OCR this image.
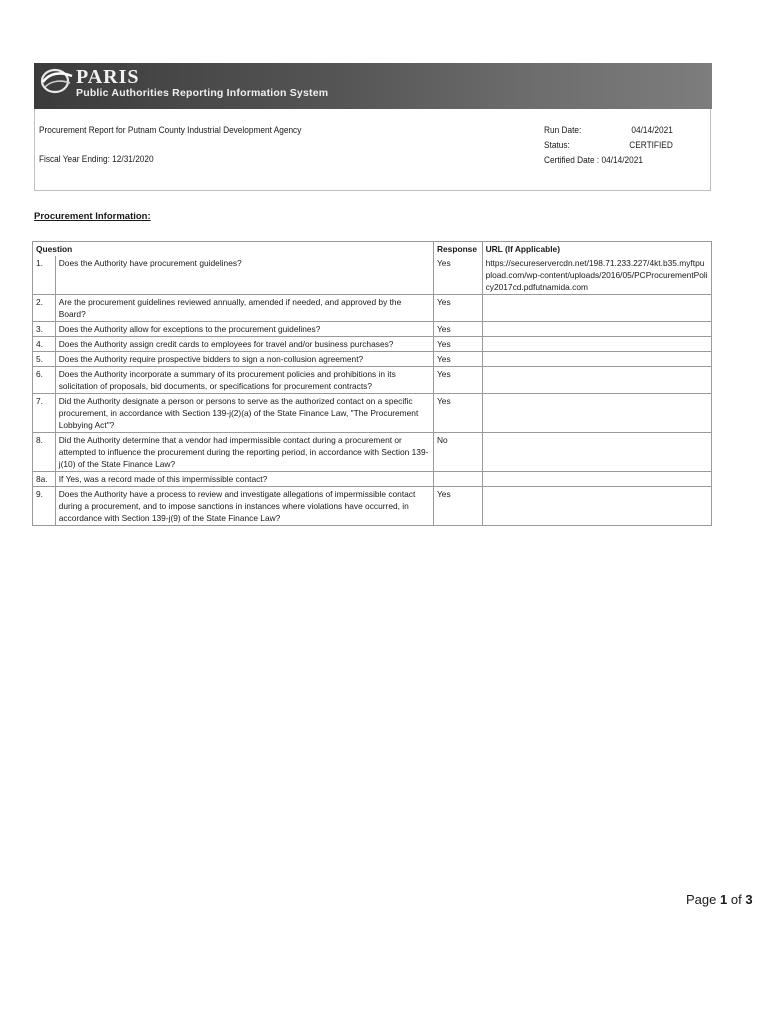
PARIS
Public Authorities Reporting Information System
Procurement Report for Putnam County Industrial Development Agency
Fiscal Year Ending: 12/31/2020
Run Date:	04/14/2021
Status:	CERTIFIED
Certified Date : 04/14/2021
Procurement Information:
Question		Response	URL (If Applicable)
1.	Does the Authority have procurement guidelines?	Yes	https://secureservercdn.net/198.71.233.227/4kt.b35.myftpupload.com/wp-content/uploads/2016/05/PCProcurementPolicy2017cd.pdfutnamida.com
2.	Are the procurement guidelines reviewed annually, amended if needed, and approved by the Board?	Yes	
3.	Does the Authority allow for exceptions to the procurement guidelines?	Yes	
4.	Does the Authority assign credit cards to employees for travel and/or business purchases?	Yes	
5.	Does the Authority require prospective bidders to sign a non-collusion agreement?	Yes	
6.	Does the Authority incorporate a summary of its procurement policies and prohibitions in its solicitation of proposals, bid documents, or specifications for procurement contracts?	Yes	
7.	Did the Authority designate a person or persons to serve as the authorized contact on a specific procurement, in accordance with Section 139-j(2)(a) of the State Finance Law, "The Procurement Lobbying Act"?	Yes	
8.	Did the Authority determine that a vendor had impermissible contact during a procurement or attempted to influence the procurement during the reporting period, in accordance with Section 139-j(10) of the State Finance Law?	No	
8a.	If Yes, was a record made of this impermissible contact?		
9.	Does the Authority have a process to review and investigate allegations of impermissible contact during a procurement, and to impose sanctions in instances where violations have occurred, in accordance with Section 139-j(9) of the State Finance Law?	Yes	
Page 1 of 3
